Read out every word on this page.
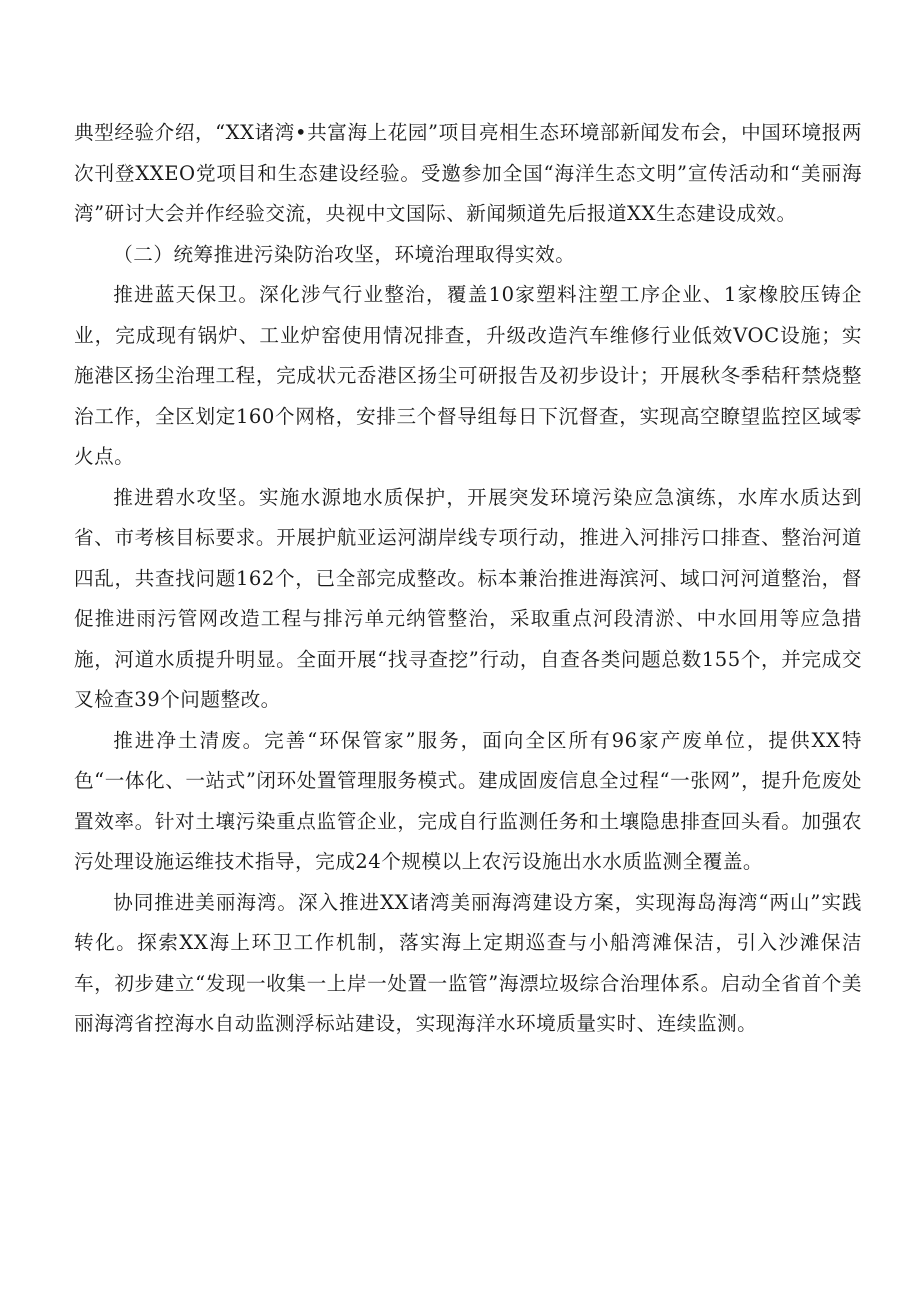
典型经验介绍，“XX诸湾•共富海上花园”项目亮相生态环境部新闻发布会，中国环境报两次刊登XXEO党项目和生态建设经验。受邀参加全国“海洋生态文明”宣传活动和“美丽海湾”研讨大会并作经验交流，央视中文国际、新闻频道先后报道XX生态建设成效。

（二）统筹推进污染防治攻坚，环境治理取得实效。

推进蓝天保卫。深化涉气行业整治，覆盖10家塑料注塑工序企业、1家橡胶压铸企业，完成现有锅炉、工业炉窑使用情况排查，升级改造汽车维修行业低效VOC设施；实施港区扬尘治理工程，完成状元岙港区扬尘可研报告及初步设计；开展秋冬季秸秆禁烧整治工作，全区划定160个网格，安排三个督导组每日下沉督查，实现高空瞭望监控区域零火点。

推进碧水攻坚。实施水源地水质保护，开展突发环境污染应急演练，水库水质达到省、市考核目标要求。开展护航亚运河湖岸线专项行动，推进入河排污口排查、整治河道四乱，共查找问题162个，已全部完成整改。标本兼治推进海滨河、域口河河道整治，督促推进雨污管网改造工程与排污单元纳管整治，采取重点河段清淤、中水回用等应急措施，河道水质提升明显。全面开展“找寻查挖”行动，自查各类问题总数155个，并完成交叉检查39个问题整改。

推进净土清废。完善“环保管家”服务，面向全区所有96家产废单位，提供XX特色“一体化、一站式”闭环处置管理服务模式。建成固废信息全过程“一张网”，提升危废处置效率。针对土壤污染重点监管企业，完成自行监测任务和土壤隐患排查回头看。加强农污处理设施运维技术指导，完成24个规模以上农污设施出水水质监测全覆盖。

协同推进美丽海湾。深入推进XX诸湾美丽海湾建设方案，实现海岛海湾“两山”实践转化。探索XX海上环卫工作机制，落实海上定期巡查与小船湾滩保洁，引入沙滩保洁车，初步建立“发现一收集一上岸一处置一监管”海漂垃圾综合治理体系。启动全省首个美丽海湾省控海水自动监测浮标站建设，实现海洋水环境质量实时、连续监测。
